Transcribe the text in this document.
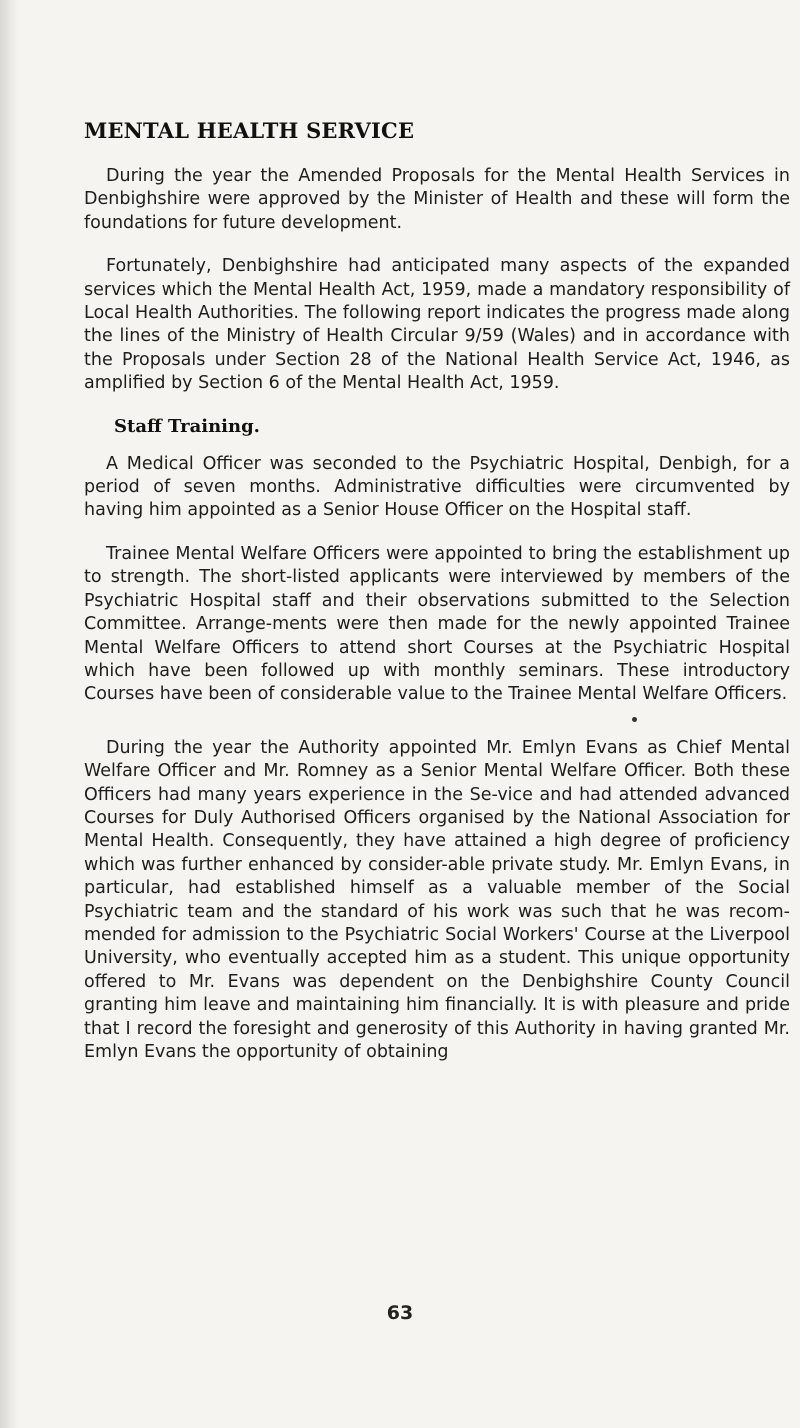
MENTAL HEALTH SERVICE

During the year the Amended Proposals for the Mental Health Services in Denbighshire were approved by the Minister of Health and these will form the foundations for future development.

Fortunately, Denbighshire had anticipated many aspects of the expanded services which the Mental Health Act, 1959, made a mandatory responsibility of Local Health Authorities. The following report indicates the progress made along the lines of the Ministry of Health Circular 9/59 (Wales) and in accordance with the Proposals under Section 28 of the National Health Service Act, 1946, as amplified by Section 6 of the Mental Health Act, 1959.

Staff Training.

A Medical Officer was seconded to the Psychiatric Hospital, Denbigh, for a period of seven months. Administrative difficulties were circumvented by having him appointed as a Senior House Officer on the Hospital staff.

Trainee Mental Welfare Officers were appointed to bring the establishment up to strength. The short-listed applicants were interviewed by members of the Psychiatric Hospital staff and their observations submitted to the Selection Committee. Arrange-ments were then made for the newly appointed Trainee Mental Welfare Officers to attend short Courses at the Psychiatric Hospital which have been followed up with monthly seminars. These introductory Courses have been of considerable value to the Trainee Mental Welfare Officers.

During the year the Authority appointed Mr. Emlyn Evans as Chief Mental Welfare Officer and Mr. Romney as a Senior Mental Welfare Officer. Both these Officers had many years experience in the Se-vice and had attended advanced Courses for Duly Authorised Officers organised by the National Association for Mental Health. Consequently, they have attained a high degree of proficiency which was further enhanced by consider-able private study. Mr. Emlyn Evans, in particular, had established himself as a valuable member of the Social Psychiatric team and the standard of his work was such that he was recom-mended for admission to the Psychiatric Social Workers' Course at the Liverpool University, who eventually accepted him as a student. This unique opportunity offered to Mr. Evans was dependent on the Denbighshire County Council granting him leave and maintaining him financially. It is with pleasure and pride that I record the foresight and generosity of this Authority in having granted Mr. Emlyn Evans the opportunity of obtaining

63
